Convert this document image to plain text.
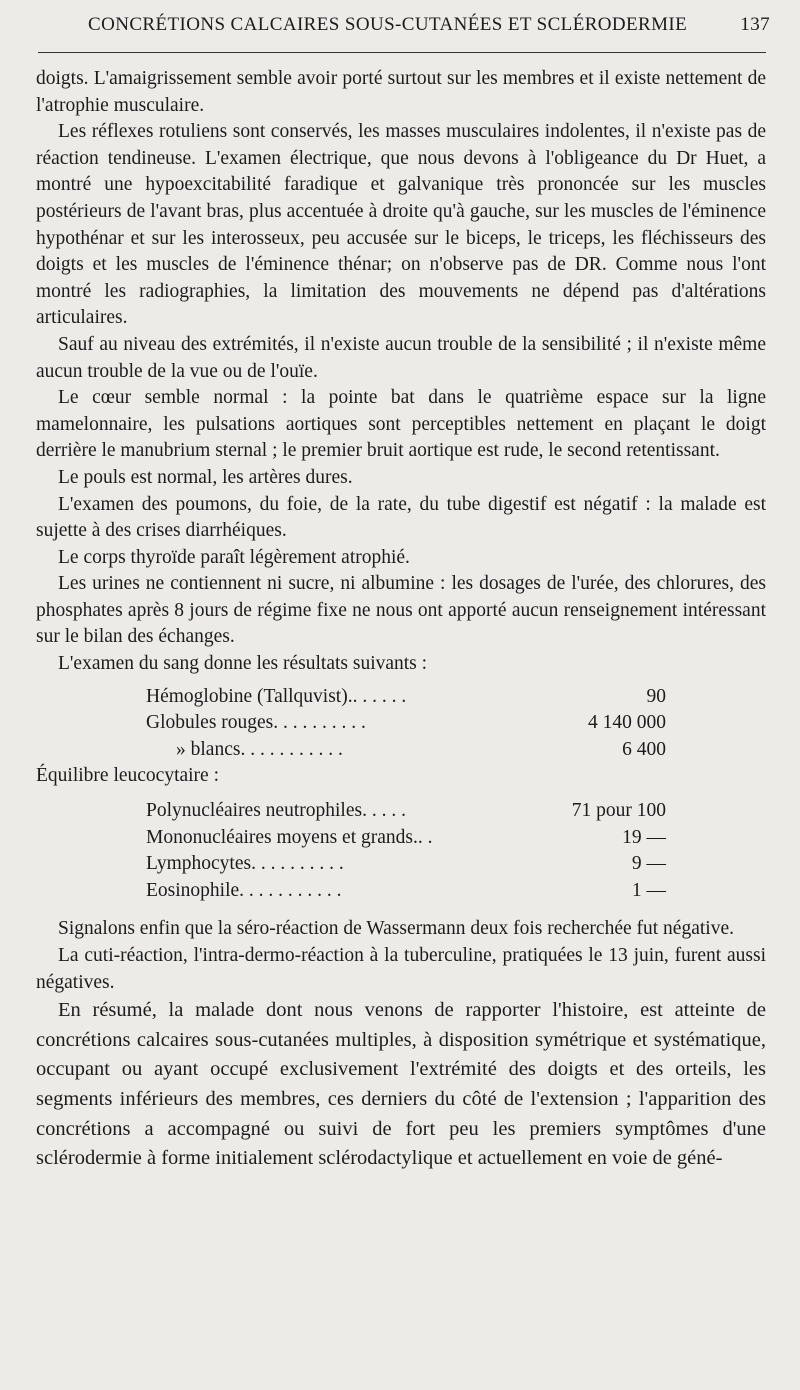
CONCRÉTIONS CALCAIRES SOUS-CUTANÉES ET SCLÉRODERMIE	137

doigts. L'amaigrissement semble avoir porté surtout sur les membres et il existe nettement de l'atrophie musculaire.

Les réflexes rotuliens sont conservés, les masses musculaires indolentes, il n'existe pas de réaction tendineuse. L'examen électrique, que nous devons à l'obligeance du Dr Huet, a montré une hypoexcitabilité faradique et galvanique très prononcée sur les muscles postérieurs de l'avant bras, plus accentuée à droite qu'à gauche, sur les muscles de l'éminence hypothénar et sur les interosseux, peu accusée sur le biceps, le triceps, les fléchisseurs des doigts et les muscles de l'éminence thénar; on n'observe pas de DR. Comme nous l'ont montré les radiographies, la limitation des mouvements ne dépend pas d'altérations articulaires.

Sauf au niveau des extrémités, il n'existe aucun trouble de la sensibilité ; il n'existe même aucun trouble de la vue ou de l'ouïe.

Le cœur semble normal : la pointe bat dans le quatrième espace sur la ligne mamelonnaire, les pulsations aortiques sont perceptibles nettement en plaçant le doigt derrière le manubrium sternal ; le premier bruit aortique est rude, le second retentissant.

Le pouls est normal, les artères dures.

L'examen des poumons, du foie, de la rate, du tube digestif est négatif : la malade est sujette à des crises diarrhéiques.

Le corps thyroïde paraît légèrement atrophié.

Les urines ne contiennent ni sucre, ni albumine : les dosages de l'urée, des chlorures, des phosphates après 8 jours de régime fixe ne nous ont apporté aucun renseignement intéressant sur le bilan des échanges.

L'examen du sang donne les résultats suivants :

Hémoglobine (Tallquvist).. . . . . .	90
Globules rouges. . . . . . . . . .	4 140 000
» blancs. . . . . . . . . . .	6 400

Équilibre leucocytaire :

Polynucléaires neutrophiles. . . . .	71 pour 100
Mononucléaires moyens et grands.. .	19 —
Lymphocytes. . . . . . . . . .	9 —
Eosinophile. . . . . . . . . . .	1 —

Signalons enfin que la séro-réaction de Wassermann deux fois recherchée fut négative.

La cuti-réaction, l'intra-dermo-réaction à la tuberculine, pratiquées le 13 juin, furent aussi négatives.

En résumé, la malade dont nous venons de rapporter l'histoire, est atteinte de concrétions calcaires sous-cutanées multiples, à disposition symétrique et systématique, occupant ou ayant occupé exclusivement l'extrémité des doigts et des orteils, les segments inférieurs des membres, ces derniers du côté de l'extension ; l'apparition des concrétions a accompagné ou suivi de fort peu les premiers symptômes d'une sclérodermie à forme initialement sclérodactylique et actuellement en voie de géné-
